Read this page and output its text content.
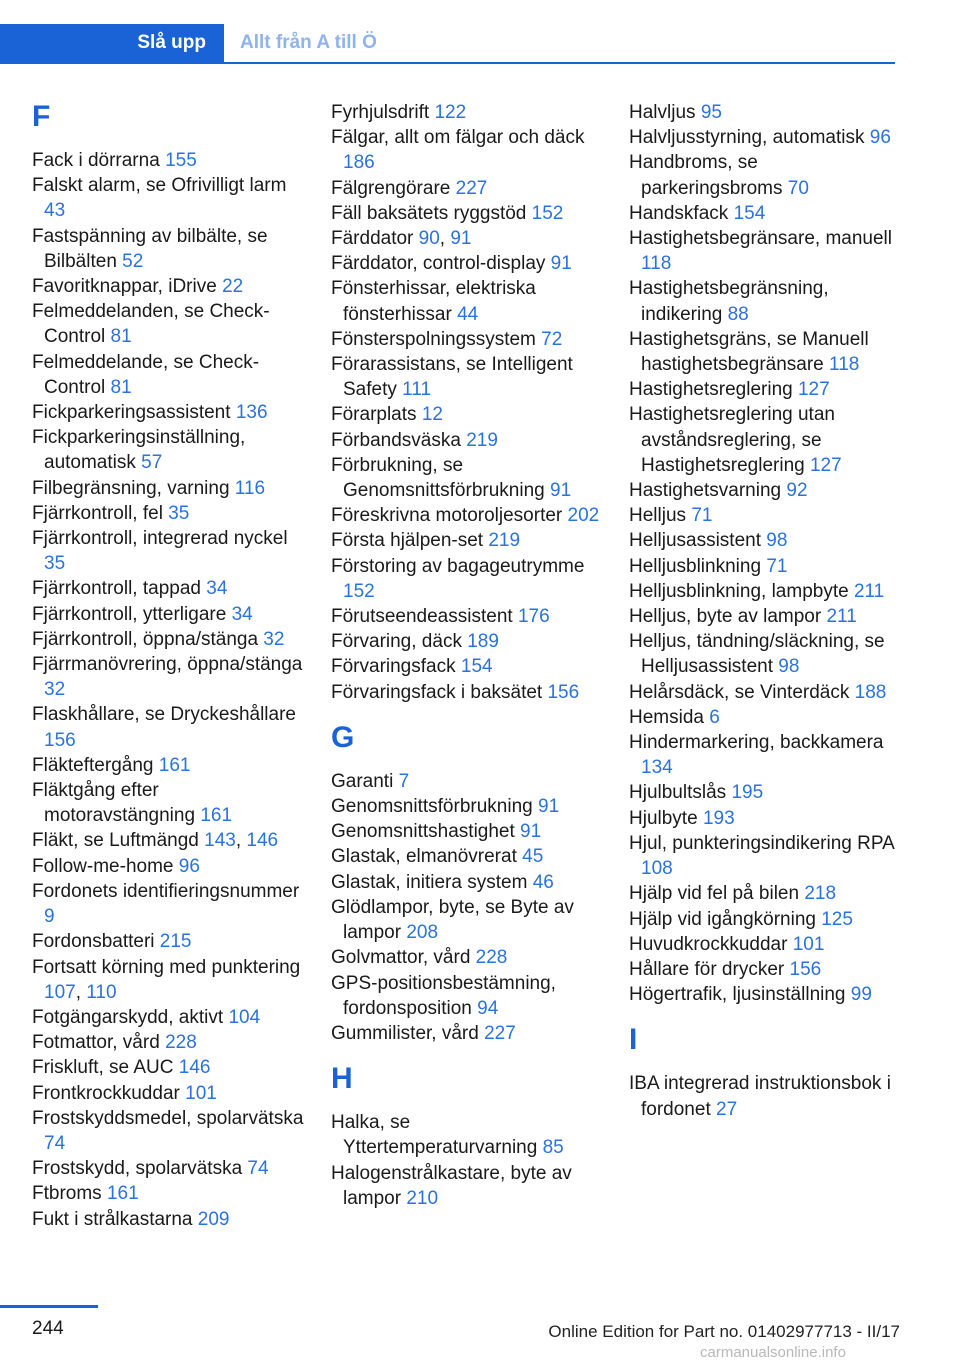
Slå upp	Allt från A till Ö
F
Fack i dörrarna 155
Falskt alarm, se Ofrivilligt larm 43
Fastspänning av bilbälte, se Bilbälten 52
Favoritknappar, iDrive 22
Felmeddelanden, se Check-Control 81
Felmeddelande, se Check-Control 81
Fickparkeringsassistent 136
Fickparkeringsinställning, automatisk 57
Filbegränsning, varning 116
Fjärrkontroll, fel 35
Fjärrkontroll, integrerad nyckel 35
Fjärrkontroll, tappad 34
Fjärrkontroll, ytterligare 34
Fjärrkontroll, öppna/stänga 32
Fjärrmanövrering, öppna/stänga 32
Flaskhållare, se Dryckeshållare 156
Fläkteftergång 161
Fläktgång efter motoravstängning 161
Fläkt, se Luftmängd 143, 146
Follow-me-home 96
Fordonets identifieringsnummer 9
Fordonsbatteri 215
Fortsatt körning med punktering 107, 110
Fotgängarskydd, aktivt 104
Fotmattor, vård 228
Friskluft, se AUC 146
Frontkrockkuddar 101
Frostskyddsmedel, spolarvätska 74
Frostskydd, spolarvätska 74
Ftbroms 161
Fukt i strålkastarna 209
Fyrhjulsdrift 122
Fälgar, allt om fälgar och däck 186
Fälgrengörare 227
Fäll baksätets ryggstöd 152
Färddator 90, 91
Färddator, control-display 91
Fönsterhissar, elektriska fönsterhissar 44
Fönsterspolningssystem 72
Förarassistans, se Intelligent Safety 111
Förarplats 12
Förbandsväska 219
Förbrukning, se Genomsnittsförbrukning 91
Föreskrivna motoroljesorter 202
Första hjälpen-set 219
Förstoring av bagageutrymme 152
Förutseendeassistent 176
Förvaring, däck 189
Förvaringsfack 154
Förvaringsfack i baksätet 156
G
Garanti 7
Genomsnittsförbrukning 91
Genomsnittshastighet 91
Glastak, elmanövrerat 45
Glastak, initiera system 46
Glödlampor, byte, se Byte av lampor 208
Golvmattor, vård 228
GPS-positionsbestämning, fordonsposition 94
Gummilister, vård 227
H
Halka, se Yttertemperaturvarning 85
Halogenstrålkastare, byte av lampor 210
Halvljus 95
Halvljusstyrning, automatisk 96
Handbroms, se parkeringsbroms 70
Handskfack 154
Hastighetsbegränsare, manuell 118
Hastighetsbegränsning, indikering 88
Hastighetsgräns, se Manuell hastighetsbegränsare 118
Hastighetsreglering 127
Hastighetsreglering utan avståndsreglering, se Hastighetsreglering 127
Hastighetsvarning 92
Helljus 71
Helljusassistent 98
Helljusblinkning 71
Helljusblinkning, lampbyte 211
Helljus, byte av lampor 211
Helljus, tändning/släckning, se Helljusassistent 98
Helårsdäck, se Vinterdäck 188
Hemsida 6
Hindermarkering, backkamera 134
Hjulbultslås 195
Hjulbyte 193
Hjul, punkteringsindikering RPA 108
Hjälp vid fel på bilen 218
Hjälp vid igångkörning 125
Huvudkrockkuddar 101
Hållare för drycker 156
Högertrafik, ljusinställning 99
I
IBA integrerad instruktionsbok i fordonet 27
244	Online Edition for Part no. 01402977713 - II/17
carmanualsonline.info
